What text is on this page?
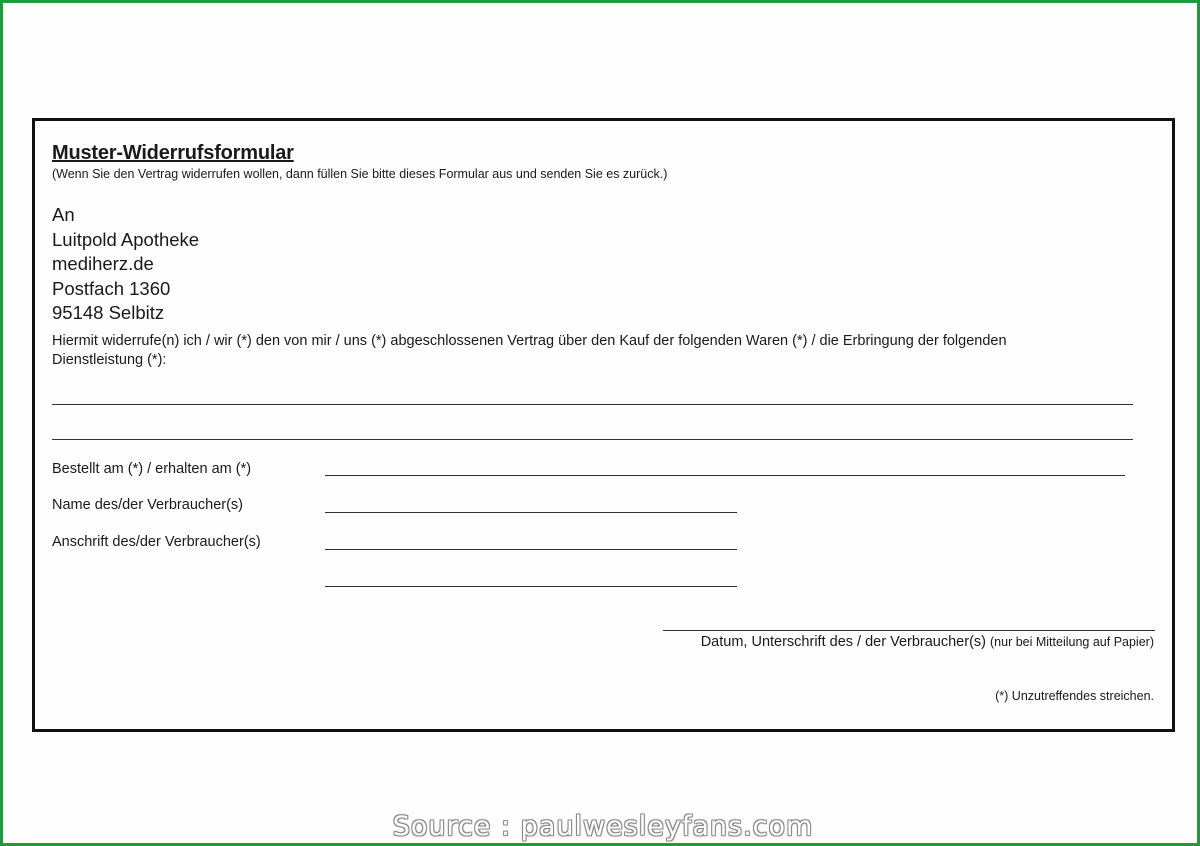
Muster-Widerrufsformular
(Wenn Sie den Vertrag widerrufen wollen, dann füllen Sie bitte dieses Formular aus und senden Sie es zurück.)
An
Luitpold Apotheke
mediherz.de
Postfach 1360
95148 Selbitz
Hiermit widerrufe(n) ich / wir (*) den von mir / uns (*) abgeschlossenen Vertrag über den Kauf der folgenden Waren (*) / die Erbringung der folgenden Dienstleistung (*):
Bestellt am (*) / erhalten am (*)
Name des/der Verbraucher(s)
Anschrift des/der Verbraucher(s)
Datum, Unterschrift des / der Verbraucher(s) (nur bei Mitteilung auf Papier)
(*) Unzutreffendes streichen.
Source : paulwesleyfans.com
